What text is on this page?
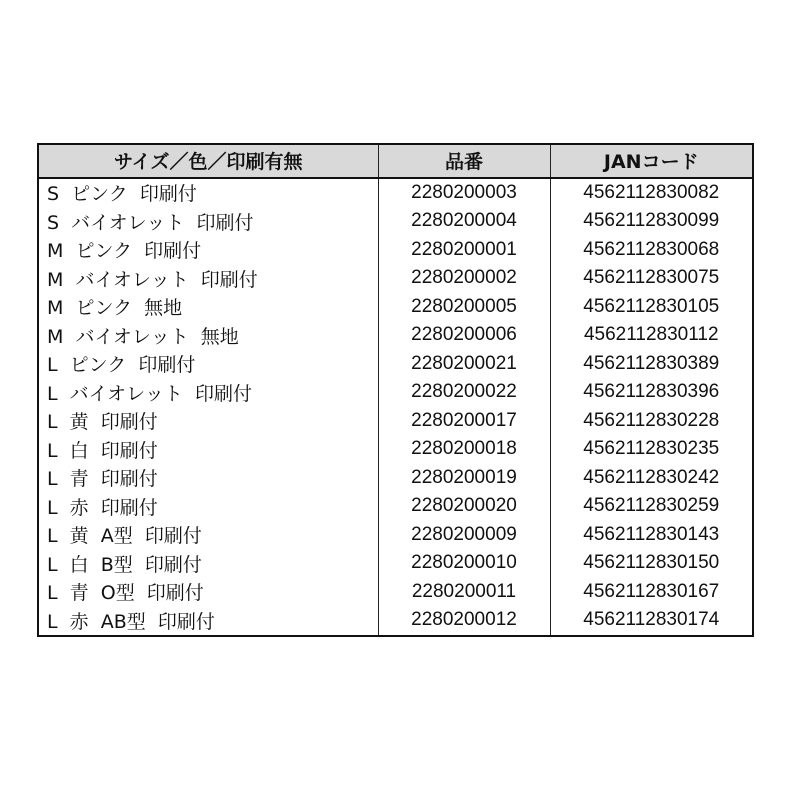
サイズ／色／印刷有無	品番	JANコード
S  ピンク  印刷付	2280200003	4562112830082
S  バイオレット  印刷付	2280200004	4562112830099
M  ピンク  印刷付	2280200001	4562112830068
M  バイオレット  印刷付	2280200002	4562112830075
M  ピンク  無地	2280200005	4562112830105
M  バイオレット  無地	2280200006	4562112830112
L  ピンク  印刷付	2280200021	4562112830389
L  バイオレット  印刷付	2280200022	4562112830396
L  黄  印刷付	2280200017	4562112830228
L  白  印刷付	2280200018	4562112830235
L  青  印刷付	2280200019	4562112830242
L  赤  印刷付	2280200020	4562112830259
L  黄  A型  印刷付	2280200009	4562112830143
L  白  B型  印刷付	2280200010	4562112830150
L  青  O型  印刷付	2280200011	4562112830167
L  赤  AB型  印刷付	2280200012	4562112830174
